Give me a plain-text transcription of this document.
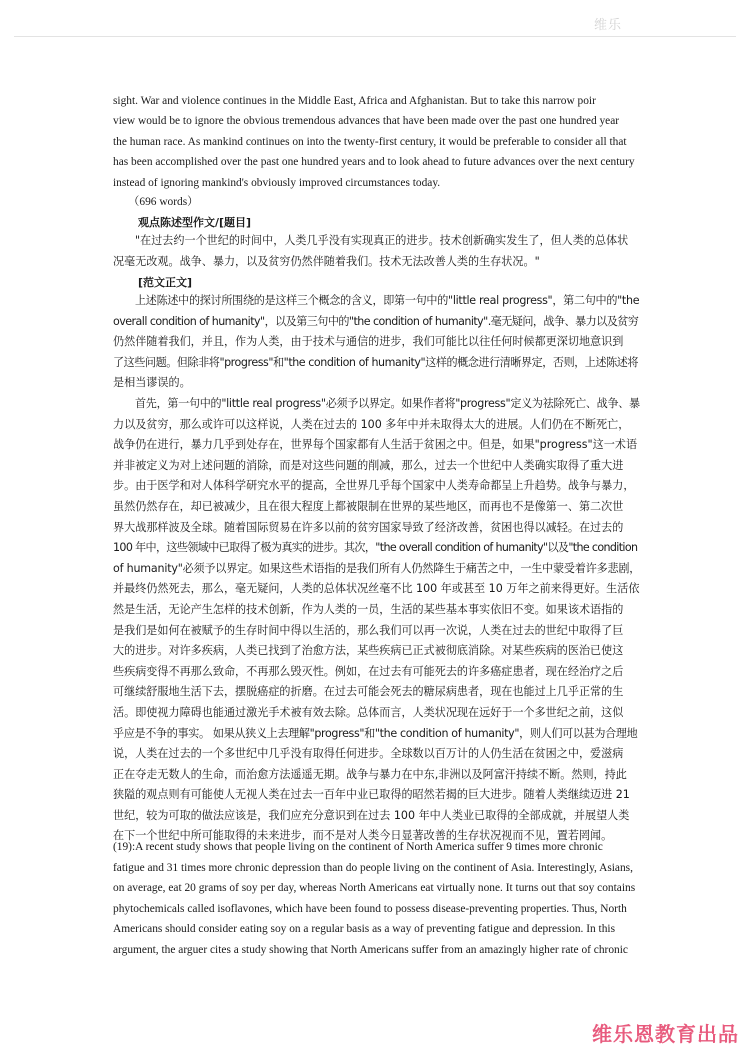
维乐
sight. War and violence continues in the Middle East, Africa and Afghanistan. But to take this narrow poir
view would be to ignore the obvious tremendous advances that have been made over the past one hundred year
the human race. As mankind continues on into the twenty-first century, it would be preferable to consider all that
has been accomplished over the past one hundred years and to look ahead to future advances over the next century
instead of ignoring mankind's obviously improved circumstances today.

（696 words）

观点陈述型作文/[题目]

"在过去约一个世纪的时间中，人类几乎没有实现真正的进步。技术创新确实发生了，但人类的总体状
况毫无改观。战争、暴力，以及贫穷仍然伴随着我们。技术无法改善人类的生存状况。"

[范文正文]

上述陈述中的探讨所围绕的是这样三个概念的含义，即第一句中的"little real progress"，第二句中的"the
overall condition of humanity"，以及第三句中的"the condition of humanity".毫无疑问，战争、暴力以及贫穷
仍然伴随着我们，并且，作为人类，由于技术与通信的进步，我们可能比以往任何时候都更深切地意识到
了这些问题。但除非将"progress"和"the condition of humanity"这样的概念进行清晰界定，否则，上述陈述将
是相当谬误的。
首先，第一句中的"little real progress"必须予以界定。如果作者将"progress"定义为祛除死亡、战争、暴
力以及贫穷，那么或许可以这样说，人类在过去的 100 多年中并未取得太大的进展。人们仍在不断死亡，
战争仍在进行，暴力几乎到处存在，世界每个国家都有人生活于贫困之中。但是，如果"progress"这一术语
并非被定义为对上述问题的消除，而是对这些问题的削减，那么，过去一个世纪中人类确实取得了重大进
步。由于医学和对人体科学研究水平的提高，全世界几乎每个国家中人类寿命都呈上升趋势。战争与暴力，
虽然仍然存在，却已被减少，且在很大程度上都被限制在世界的某些地区，而再也不是像第一、第二次世
界大战那样波及全球。随着国际贸易在许多以前的贫穷国家导致了经济改善，贫困也得以减轻。在过去的
100 年中，这些领域中已取得了极为真实的进步。其次，"the overall condition of humanity"以及"the condition
of humanity"必须予以界定。如果这些术语指的是我们所有人仍然降生于痛苦之中，一生中蒙受着许多悲剧，
并最终仍然死去，那么，毫无疑问，人类的总体状况丝毫不比 100 年或甚至 10 万年之前来得更好。生活依
然是生活，无论产生怎样的技术创新，作为人类的一员，生活的某些基本事实依旧不变。如果该术语指的
是我们是如何在被赋予的生存时间中得以生活的，那么我们可以再一次说，人类在过去的世纪中取得了巨
大的进步。对许多疾病，人类已找到了治愈方法，某些疾病已正式被彻底消除。对某些疾病的医治已使这
些疾病变得不再那么致命，不再那么毁灭性。例如，在过去有可能死去的许多癌症患者，现在经治疗之后
可继续舒服地生活下去，摆脱癌症的折磨。在过去可能会死去的糖尿病患者，现在也能过上几乎正常的生
活。即使视力障碍也能通过激光手术被有效去除。总体而言，人类状况现在远好于一个多世纪之前，这似
乎应是不争的事实。 如果从狭义上去理解"progress"和"the condition of humanity"，则人们可以甚为合理地
说，人类在过去的一个多世纪中几乎没有取得任何进步。全球数以百万计的人仍生活在贫困之中，爱滋病
正在夺走无数人的生命，而治愈方法遥遥无期。战争与暴力在中东,非洲以及阿富汗持续不断。然则，持此
狭隘的观点则有可能使人无视人类在过去一百年中业已取得的昭然若揭的巨大进步。随着人类继续迈进 21
世纪，较为可取的做法应该是，我们应充分意识到在过去 100 年中人类业已取得的全部成就，并展望人类
在下一个世纪中所可能取得的未来进步，而不是对人类今日显著改善的生存状况视而不见，置若罔闻。
(19):A recent study shows that people living on the continent of North America suffer 9 times more chronic
fatigue and 31 times more chronic depression than do people living on the continent of Asia. Interestingly, Asians,
on average, eat 20 grams of soy per day, whereas North Americans eat virtually none. It turns out that soy contains
phytochemicals called isoflavones, which have been found to possess disease-preventing properties. Thus, North
Americans should consider eating soy on a regular basis as a way of preventing fatigue and depression. In this
argument, the arguer cites a study showing that North Americans suffer from an amazingly higher rate of chronic
维乐恩教育出品
